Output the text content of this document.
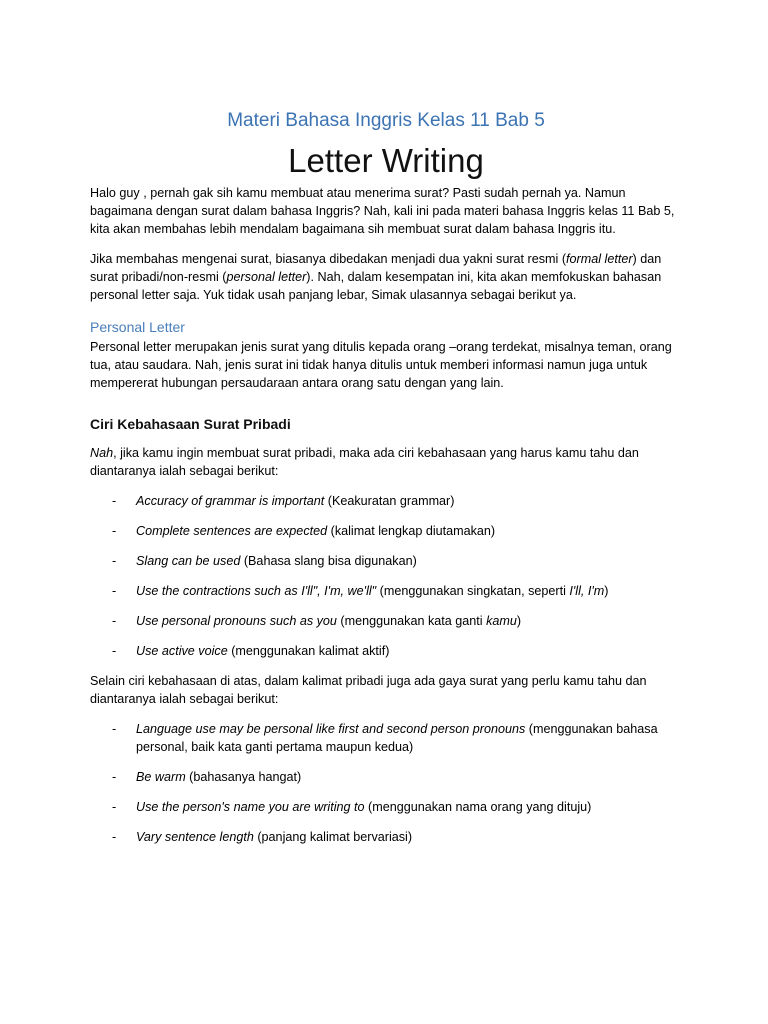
Materi Bahasa Inggris Kelas 11 Bab 5
Letter Writing

Halo guy , pernah gak sih kamu membuat atau menerima surat? Pasti sudah pernah ya. Namun bagaimana dengan surat dalam bahasa Inggris? Nah, kali ini pada materi bahasa Inggris kelas 11 Bab 5, kita akan membahas lebih mendalam bagaimana sih membuat surat dalam bahasa Inggris itu.

Jika membahas mengenai surat, biasanya dibedakan menjadi dua yakni surat resmi (formal letter) dan surat pribadi/non-resmi (personal letter). Nah, dalam kesempatan ini, kita akan memfokuskan bahasan personal letter saja. Yuk tidak usah panjang lebar, Simak ulasannya sebagai berikut ya.

Personal Letter

Personal letter merupakan jenis surat yang ditulis kepada orang –orang terdekat, misalnya teman, orang tua, atau saudara. Nah, jenis surat ini tidak hanya ditulis untuk memberi informasi namun juga untuk mempererat hubungan persaudaraan antara orang satu dengan yang lain.

Ciri Kebahasaan Surat Pribadi

Nah, jika kamu ingin membuat surat pribadi, maka ada ciri kebahasaan yang harus kamu tahu dan diantaranya ialah sebagai berikut:

- Accuracy of grammar is important (Keakuratan grammar)
- Complete sentences are expected (kalimat lengkap diutamakan)
- Slang can be used (Bahasa slang bisa digunakan)
- Use the contractions such as I'll", I'm, we'll" (menggunakan singkatan, seperti I'll, I'm)
- Use personal pronouns such as you (menggunakan kata ganti kamu)
- Use active voice (menggunakan kalimat aktif)

Selain ciri kebahasaan di atas, dalam kalimat pribadi juga ada gaya surat yang perlu kamu tahu dan diantaranya ialah sebagai berikut:

- Language use may be personal like first and second person pronouns (menggunakan bahasa personal, baik kata ganti pertama maupun kedua)
- Be warm (bahasanya hangat)
- Use the person's name you are writing to (menggunakan nama orang yang dituju)
- Vary sentence length (panjang kalimat bervariasi)
